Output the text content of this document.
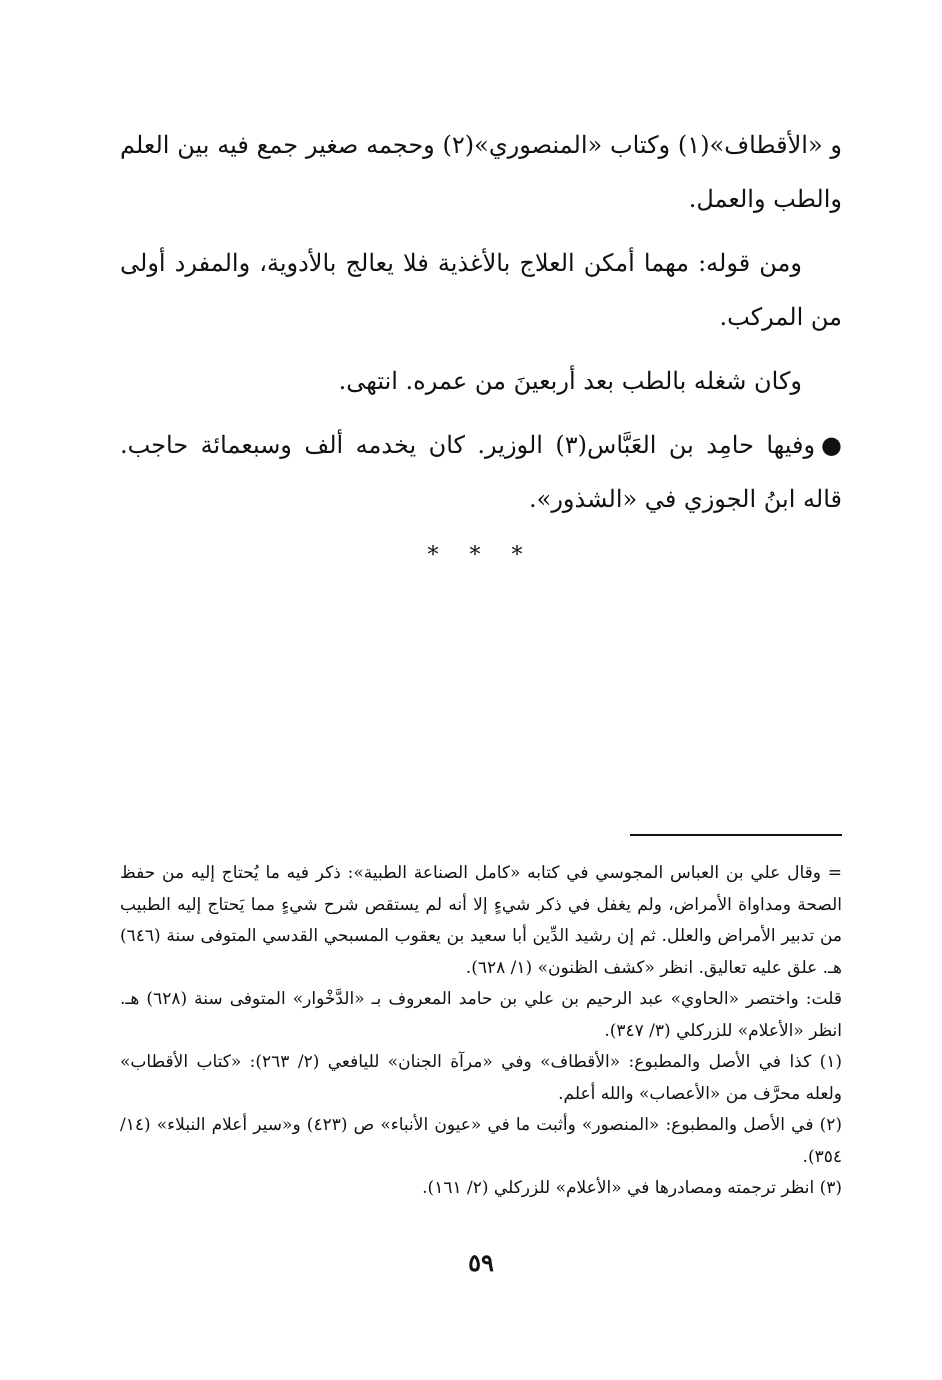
و «الأقطاف»(١) وكتاب «المنصوري»(٢) وحجمه صغير جمع فيه بين العلم والطب والعمل.

ومن قوله: مهما أمكن العلاج بالأغذية فلا يعالج بالأدوية، والمفرد أولى من المركب.

وكان شغله بالطب بعد أربعينَ من عمره. انتهى.

●وفيها حامِد بن العَبَّاس(٣) الوزير. كان يخدمه ألف وسبعمائة حاجب. قاله ابنُ الجوزي في «الشذور».

* * *

= وقال علي بن العباس المجوسي في كتابه «كامل الصناعة الطبية»: ذكر فيه ما يُحتاج إليه من حفظ الصحة ومداواة الأمراض، ولم يغفل في ذكر شيءٍ إلا أنه لم يستقص شرح شيءٍ مما يَحتاج إليه الطبيب من تدبير الأمراض والعلل. ثم إن رشيد الدِّين أبا سعيد بن يعقوب المسبحي القدسي المتوفى سنة (٦٤٦) هـ. علق عليه تعاليق. انظر «كشف الظنون» (١/ ٦٢٨).

قلت: واختصر «الحاوي» عبد الرحيم بن علي بن حامد المعروف بـ «الدَّخْوار» المتوفى سنة (٦٢٨) هـ. انظر «الأعلام» للزركلي (٣/ ٣٤٧).

(١) كذا في الأصل والمطبوع: «الأقطاف» وفي «مرآة الجنان» لليافعي (٢/ ٢٦٣): «كتاب الأقطاب» ولعله محرَّف من «الأعصاب» والله أعلم.

(٢) في الأصل والمطبوع: «المنصور» وأثبت ما في «عيون الأنباء» ص (٤٢٣) و«سير أعلام النبلاء» (١٤/ ٣٥٤).

(٣) انظر ترجمته ومصادرها في «الأعلام» للزركلي (٢/ ١٦١).

٥٩
